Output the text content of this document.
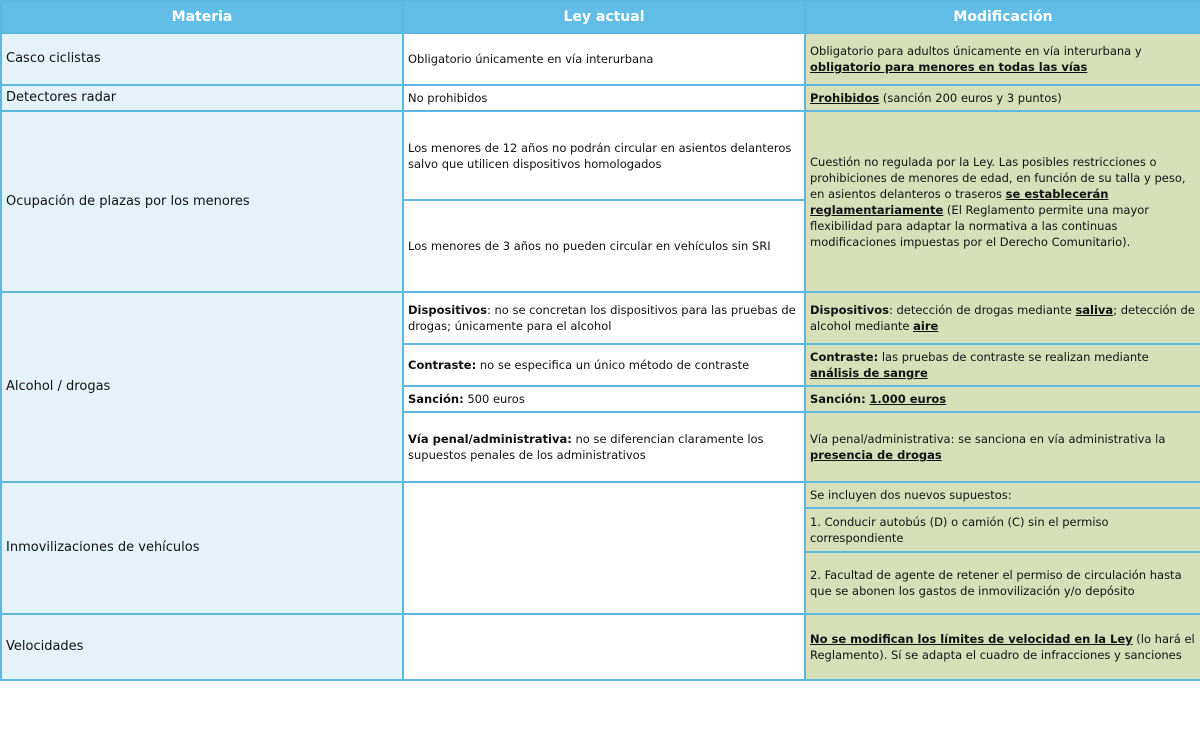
Materia	Ley actual	Modificación
Casco ciclistas	Obligatorio únicamente en vía interurbana	Obligatorio para adultos únicamente en vía interurbana y obligatorio para menores en todas las vías
Detectores radar	No prohibidos	Prohibidos (sanción 200 euros y 3 puntos)
Ocupación de plazas por los menores	Los menores de 12 años no podrán circular en asientos delanteros salvo que utilicen dispositivos homologados	Cuestión no regulada por la Ley. Las posibles restricciones o prohibiciones de menores de edad, en función de su talla y peso, en asientos delanteros o traseros se establecerán reglamentariamente (El Reglamento permite una mayor flexibilidad para adaptar la normativa a las continuas modificaciones impuestas por el Derecho Comunitario).
	Los menores de 3 años no pueden circular en vehículos sin SRI	
Alcohol / drogas	Dispositivos: no se concretan los dispositivos para las pruebas de drogas; únicamente para el alcohol	Dispositivos: detección de drogas mediante saliva; detección de alcohol mediante aire
	Contraste: no se especifica un único método de contraste	Contraste: las pruebas de contraste se realizan mediante análisis de sangre
	Sanción: 500 euros	Sanción: 1.000 euros
	Vía penal/administrativa: no se diferencian claramente los supuestos penales de los administrativos	Vía penal/administrativa: se sanciona en vía administrativa la presencia de drogas
Inmovilizaciones de vehículos		Se incluyen dos nuevos supuestos:
		1. Conducir autobús (D) o camión (C) sin el permiso correspondiente
		2. Facultad de agente de retener el permiso de circulación hasta que se abonen los gastos de inmovilización y/o depósito
Velocidades		No se modifican los límites de velocidad en la Ley (lo hará el Reglamento). Sí se adapta el cuadro de infracciones y sanciones
